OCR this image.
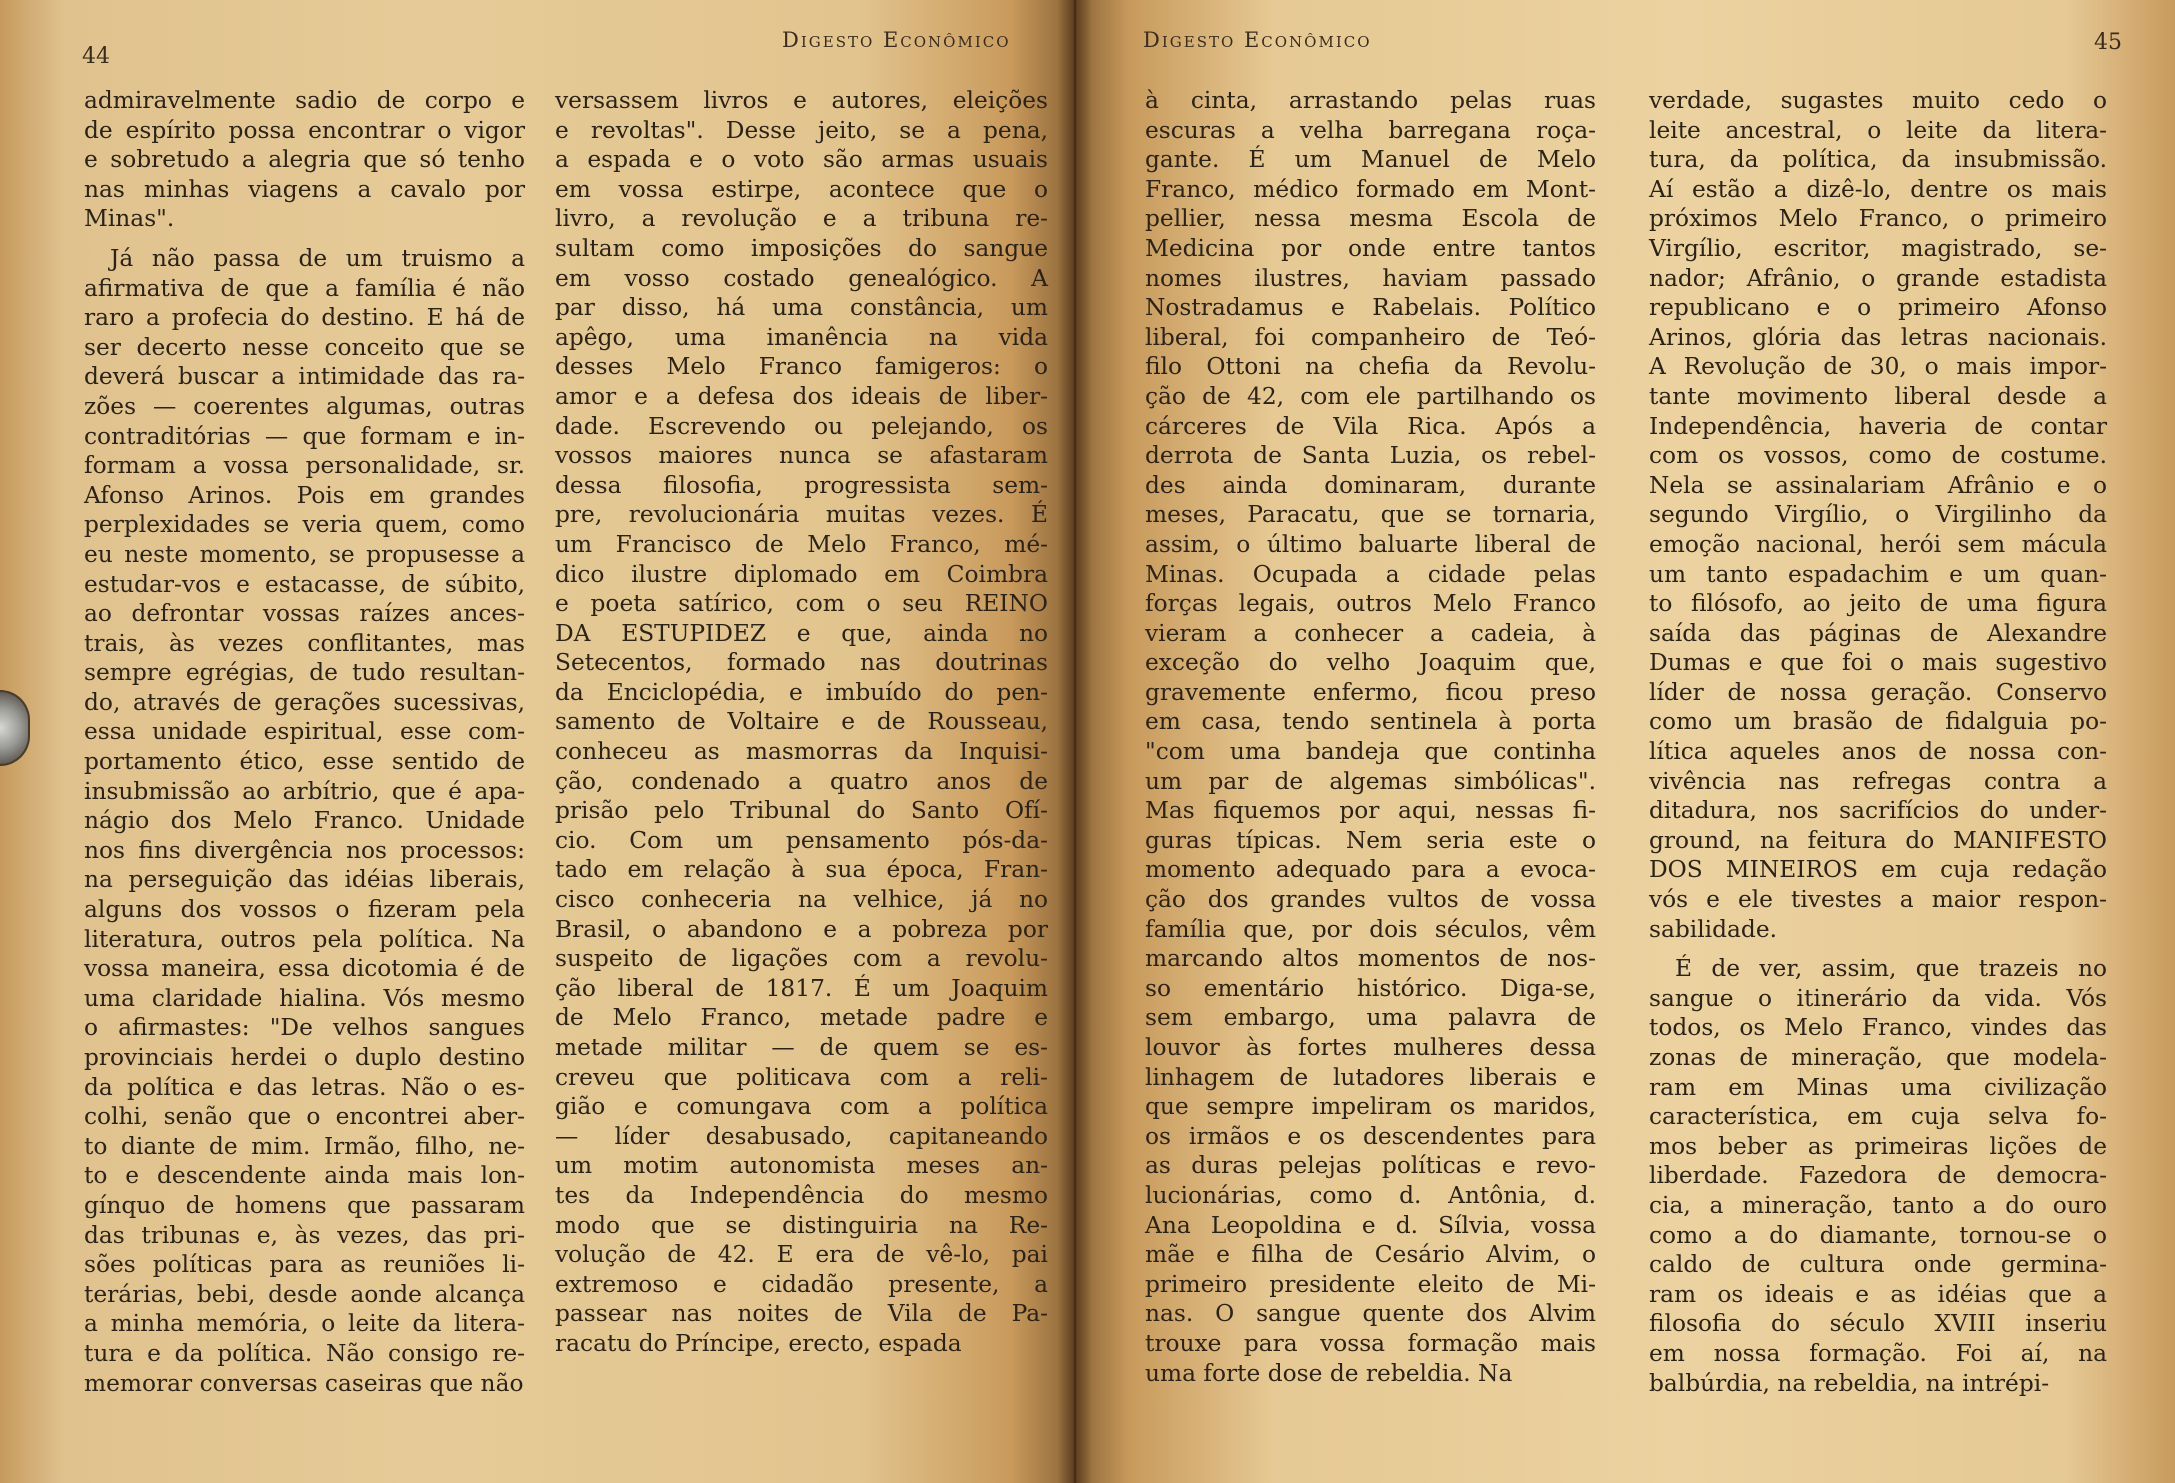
44
Digesto Econômico
admiravelmente sadio de corpo e
de espírito possa encontrar o vigor
e sobretudo a alegria que só tenho
nas minhas viagens a cavalo por
Minas".
Já não passa de um truismo a
afirmativa de que a família é não
raro a profecia do destino. E há de
ser decerto nesse conceito que se
deverá buscar a intimidade das ra-
zões — coerentes algumas, outras
contraditórias — que formam e in-
formam a vossa personalidade, sr.
Afonso Arinos. Pois em grandes
perplexidades se veria quem, como
eu neste momento, se propusesse a
estudar-vos e estacasse, de súbito,
ao defrontar vossas raízes ances-
trais, às vezes conflitantes, mas
sempre egrégias, de tudo resultan-
do, através de gerações sucessivas,
essa unidade espiritual, esse com-
portamento ético, esse sentido de
insubmissão ao arbítrio, que é apa-
nágio dos Melo Franco. Unidade
nos fins divergência nos processos:
na perseguição das idéias liberais,
alguns dos vossos o fizeram pela
literatura, outros pela política. Na
vossa maneira, essa dicotomia é de
uma claridade hialina. Vós mesmo
o afirmastes: "De velhos sangues
provinciais herdei o duplo destino
da política e das letras. Não o es-
colhi, senão que o encontrei aber-
to diante de mim. Irmão, filho, ne-
to e descendente ainda mais lon-
gínquo de homens que passaram
das tribunas e, às vezes, das pri-
sões políticas para as reuniões li-
terárias, bebi, desde aonde alcança
a minha memória, o leite da litera-
tura e da política. Não consigo re-
memorar conversas caseiras que não
versassem livros e autores, eleições
e revoltas". Desse jeito, se a pena,
a espada e o voto são armas usuais
em vossa estirpe, acontece que o
livro, a revolução e a tribuna re-
sultam como imposições do sangue
em vosso costado genealógico. A
par disso, há uma constância, um
apêgo, uma imanência na vida
desses Melo Franco famigeros: o
amor e a defesa dos ideais de liber-
dade. Escrevendo ou pelejando, os
vossos maiores nunca se afastaram
dessa filosofia, progressista sem-
pre, revolucionária muitas vezes. É
um Francisco de Melo Franco, mé-
dico ilustre diplomado em Coimbra
e poeta satírico, com o seu REINO
DA ESTUPIDEZ e que, ainda no
Setecentos, formado nas doutrinas
da Enciclopédia, e imbuído do pen-
samento de Voltaire e de Rousseau,
conheceu as masmorras da Inquisi-
ção, condenado a quatro anos de
prisão pelo Tribunal do Santo Ofí-
cio. Com um pensamento pós-da-
tado em relação à sua época, Fran-
cisco conheceria na velhice, já no
Brasil, o abandono e a pobreza por
suspeito de ligações com a revolu-
ção liberal de 1817. É um Joaquim
de Melo Franco, metade padre e
metade militar — de quem se es-
creveu que politicava com a reli-
gião e comungava com a política
— líder desabusado, capitaneando
um motim autonomista meses an-
tes da Independência do mesmo
modo que se distinguiria na Re-
volução de 42. E era de vê-lo, pai
extremoso e cidadão presente, a
passear nas noites de Vila de Pa-
racatu do Príncipe, erecto, espada
Digesto Econômico	45
à cinta, arrastando pelas ruas
escuras a velha barregana roça-
gante. É um Manuel de Melo
Franco, médico formado em Mont-
pellier, nessa mesma Escola de
Medicina por onde entre tantos
nomes ilustres, haviam passado
Nostradamus e Rabelais. Político
liberal, foi companheiro de Teó-
filo Ottoni na chefia da Revolu-
ção de 42, com ele partilhando os
cárceres de Vila Rica. Após a
derrota de Santa Luzia, os rebel-
des ainda dominaram, durante
meses, Paracatu, que se tornaria,
assim, o último baluarte liberal de
Minas. Ocupada a cidade pelas
forças legais, outros Melo Franco
vieram a conhecer a cadeia, à
exceção do velho Joaquim que,
gravemente enfermo, ficou preso
em casa, tendo sentinela à porta
"com uma bandeja que continha
um par de algemas simbólicas".
Mas fiquemos por aqui, nessas fi-
guras típicas. Nem seria este o
momento adequado para a evoca-
ção dos grandes vultos de vossa
família que, por dois séculos, vêm
marcando altos momentos de nos-
so ementário histórico. Diga-se,
sem embargo, uma palavra de
louvor às fortes mulheres dessa
linhagem de lutadores liberais e
que sempre impeliram os maridos,
os irmãos e os descendentes para
as duras pelejas políticas e revo-
lucionárias, como d. Antônia, d.
Ana Leopoldina e d. Sílvia, vossa
mãe e filha de Cesário Alvim, o
primeiro presidente eleito de Mi-
nas. O sangue quente dos Alvim
trouxe para vossa formação mais
uma forte dose de rebeldia. Na
verdade, sugastes muito cedo o
leite ancestral, o leite da litera-
tura, da política, da insubmissão.
Aí estão a dizê-lo, dentre os mais
próximos Melo Franco, o primeiro
Virgílio, escritor, magistrado, se-
nador; Afrânio, o grande estadista
republicano e o primeiro Afonso
Arinos, glória das letras nacionais.
A Revolução de 30, o mais impor-
tante movimento liberal desde a
Independência, haveria de contar
com os vossos, como de costume.
Nela se assinalariam Afrânio e o
segundo Virgílio, o Virgilinho da
emoção nacional, herói sem mácula
um tanto espadachim e um quan-
to filósofo, ao jeito de uma figura
saída das páginas de Alexandre
Dumas e que foi o mais sugestivo
líder de nossa geração. Conservo
como um brasão de fidalguia po-
lítica aqueles anos de nossa con-
vivência nas refregas contra a
ditadura, nos sacrifícios do under-
ground, na feitura do MANIFESTO
DOS MINEIROS em cuja redação
vós e ele tivestes a maior respon-
sabilidade.
É de ver, assim, que trazeis no
sangue o itinerário da vida. Vós
todos, os Melo Franco, vindes das
zonas de mineração, que modela-
ram em Minas uma civilização
característica, em cuja selva fo-
mos beber as primeiras lições de
liberdade. Fazedora de democra-
cia, a mineração, tanto a do ouro
como a do diamante, tornou-se o
caldo de cultura onde germina-
ram os ideais e as idéias que a
filosofia do século XVIII inseriu
em nossa formação. Foi aí, na
balbúrdia, na rebeldia, na intrépi-
